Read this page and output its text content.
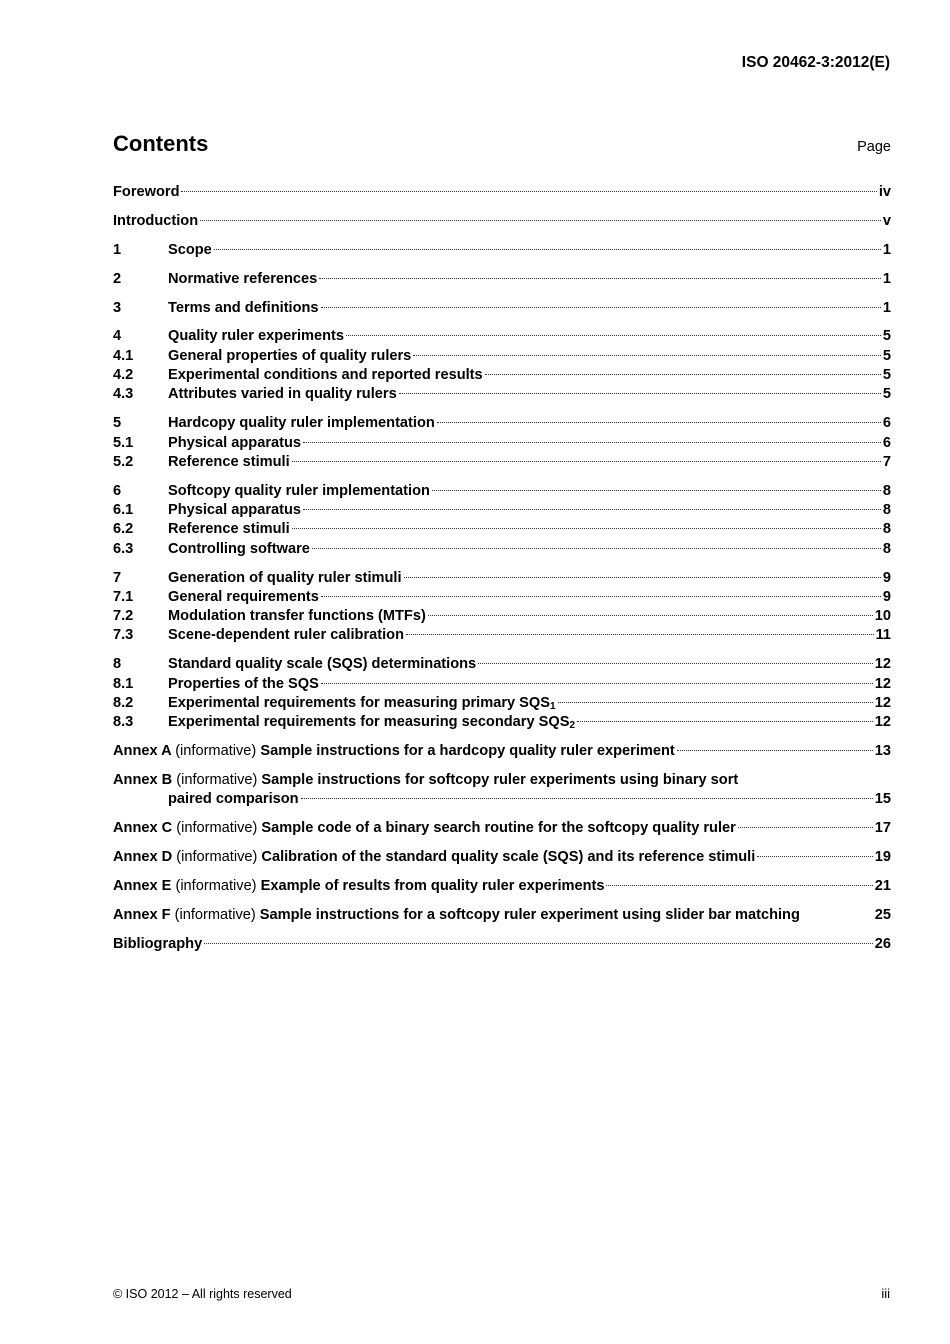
ISO 20462-3:2012(E)
Contents	Page
Foreword	iv
Introduction	v
1	Scope	1
2	Normative references	1
3	Terms and definitions	1
4	Quality ruler experiments	5
4.1	General properties of quality rulers	5
4.2	Experimental conditions and reported results	5
4.3	Attributes varied in quality rulers	5
5	Hardcopy quality ruler implementation	6
5.1	Physical apparatus	6
5.2	Reference stimuli	7
6	Softcopy quality ruler implementation	8
6.1	Physical apparatus	8
6.2	Reference stimuli	8
6.3	Controlling software	8
7	Generation of quality ruler stimuli	9
7.1	General requirements	9
7.2	Modulation transfer functions (MTFs)	10
7.3	Scene-dependent ruler calibration	11
8	Standard quality scale (SQS) determinations	12
8.1	Properties of the SQS	12
8.2	Experimental requirements for measuring primary $SQS_1$	12
8.3	Experimental requirements for measuring secondary $SQS_2$	12
Annex A (informative) Sample instructions for a hardcopy quality ruler experiment	13
Annex B (informative) Sample instructions for softcopy ruler experiments using binary sort
paired comparison	15
Annex C (informative) Sample code of a binary search routine for the softcopy quality ruler	17
Annex D (informative) Calibration of the standard quality scale (SQS) and its reference stimuli	19
Annex E (informative) Example of results from quality ruler experiments	21
Annex F (informative) Sample instructions for a softcopy ruler experiment using slider bar matching	25
Bibliography	26
© ISO 2012 – All rights reserved	iii
